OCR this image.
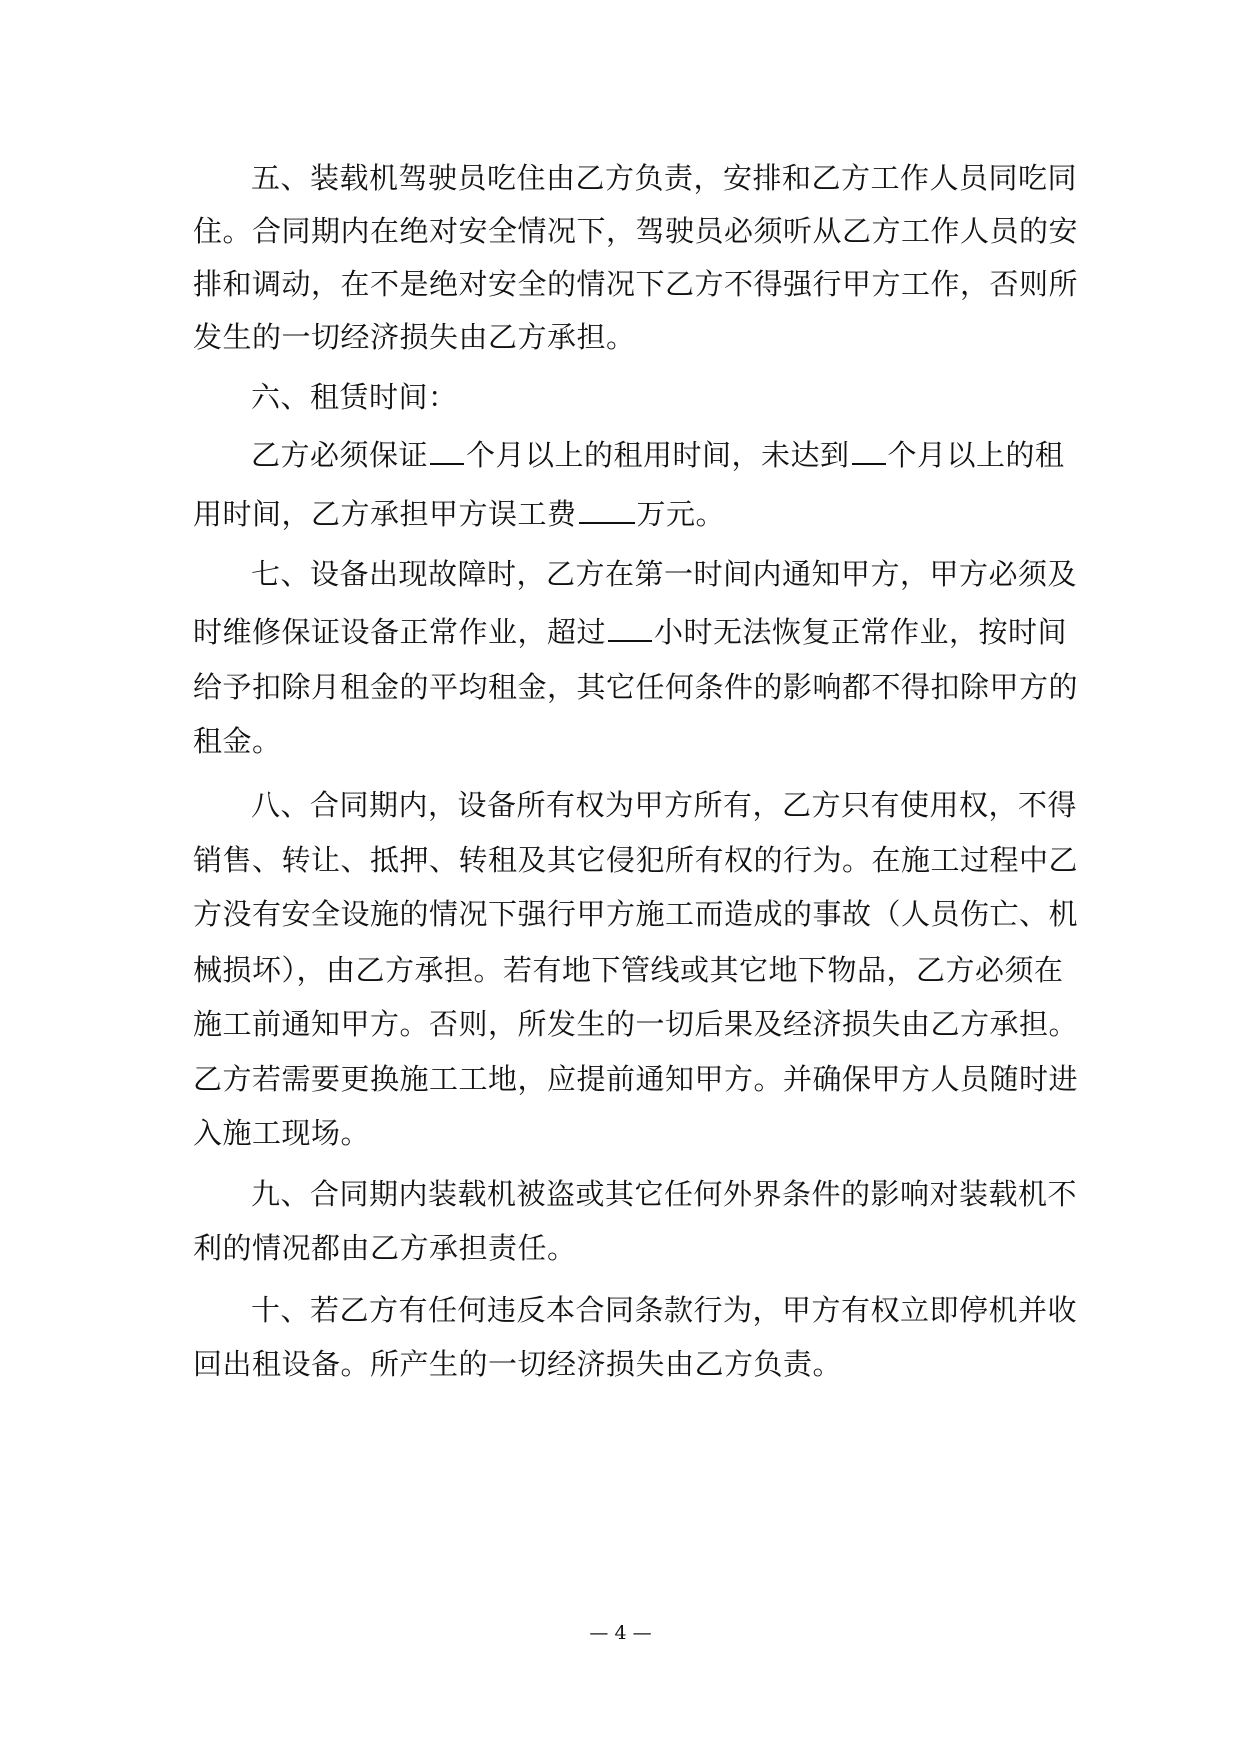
五、装载机驾驶员吃住由乙方负责，安排和乙方工作人员同吃同
住。合同期内在绝对安全情况下，驾驶员必须听从乙方工作人员的安
排和调动，在不是绝对安全的情况下乙方不得强行甲方工作，否则所
发生的一切经济损失由乙方承担。
六、租赁时间：
乙方必须保证 个月以上的租用时间，未达到 个月以上的租
用时间，乙方承担甲方误工费 万元。
七、设备出现故障时，乙方在第一时间内通知甲方，甲方必须及
时维修保证设备正常作业，超过 小时无法恢复正常作业，按时间
给予扣除月租金的平均租金，其它任何条件的影响都不得扣除甲方的
租金。
八、合同期内，设备所有权为甲方所有，乙方只有使用权，不得
销售、转让、抵押、转租及其它侵犯所有权的行为。在施工过程中乙
方没有安全设施的情况下强行甲方施工而造成的事故（人员伤亡、机
械损坏），由乙方承担。若有地下管线或其它地下物品，乙方必须在
施工前通知甲方。否则，所发生的一切后果及经济损失由乙方承担。
乙方若需要更换施工工地，应提前通知甲方。并确保甲方人员随时进
入施工现场。
九、合同期内装载机被盗或其它任何外界条件的影响对装载机不
利的情况都由乙方承担责任。
十、若乙方有任何违反本合同条款行为，甲方有权立即停机并收
回出租设备。所产生的一切经济损失由乙方负责。
— 4 —
